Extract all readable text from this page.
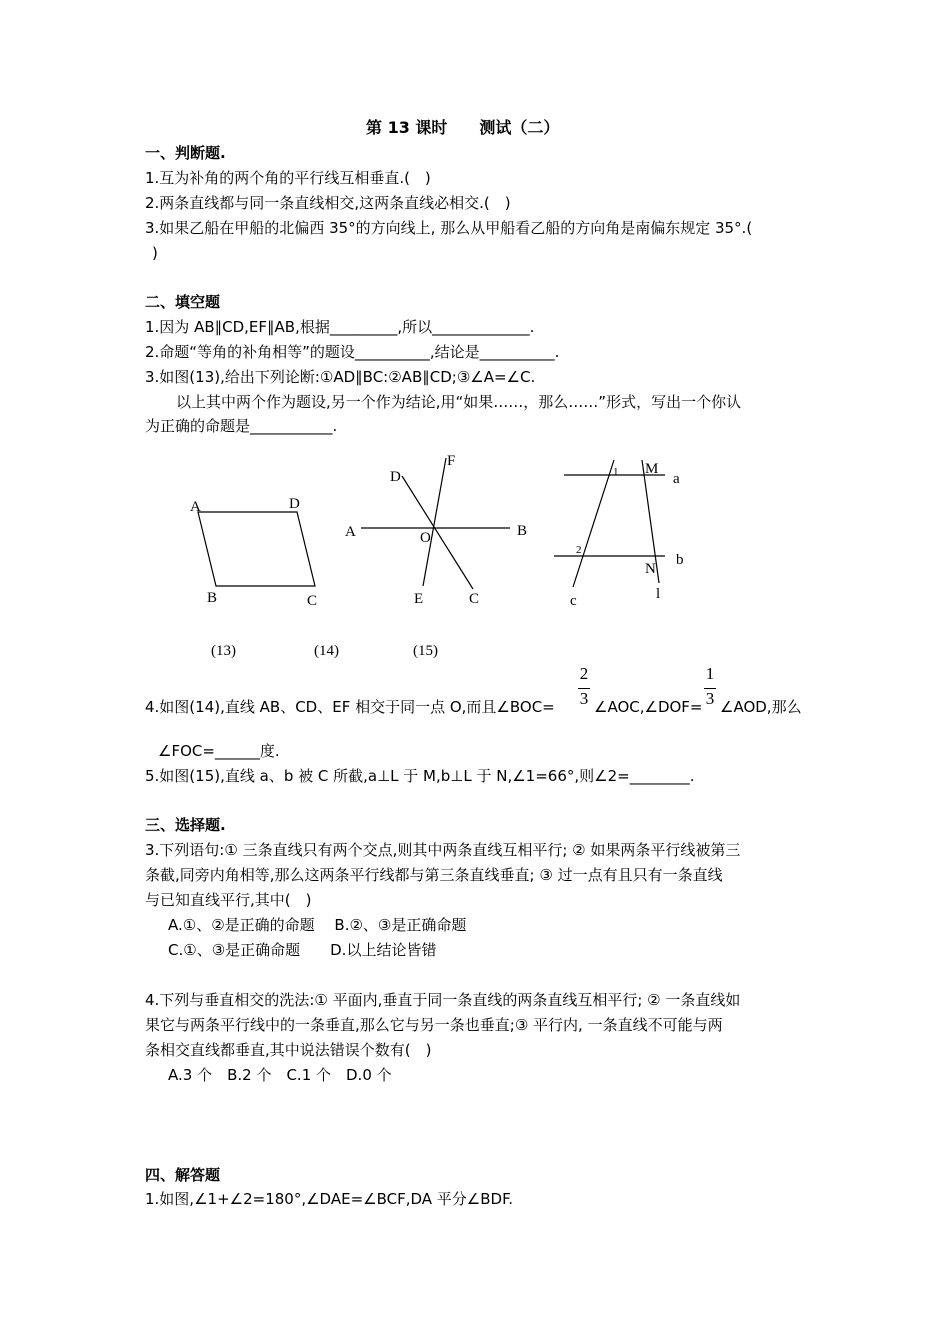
第 13 课时　　测试（二）
一、判断题.
1.互为补角的两个角的平行线互相垂直.(　)
2.两条直线都与同一条直线相交,这两条直线必相交.(　)
3.如果乙船在甲船的北偏西 35°的方向线上, 那么从甲船看乙船的方向角是南偏东规定 35°.(
)
二、填空题
1.因为 AB∥CD,EF∥AB,根据_________,所以_____________.
2.命题“等角的补角相等”的题设__________,结论是__________.
3.如图(13),给出下列论断:①AD∥BC:②AB∥CD;③∠A=∠C.
以上其中两个作为题设,另一个作为结论,用“如果……，那么……”形式，写出一个你认
为正确的命题是___________.
A	D
B	C
A	B
D
F
O
E	C
1
2
M
N
a
b
c	l
(13)	(14)	(15)
4.如图(14),直线 AB、CD、EF 相交于同一点 O,而且∠BOC=
2
3 ∠AOC,∠DOF=
1
3 ∠AOD,那么
∠FOC=______度.
5.如图(15),直线 a、b 被 C 所截,a⊥L 于 M,b⊥L 于 N,∠1=66°,则∠2=________.
三、选择题.
3.下列语句:① 三条直线只有两个交点,则其中两条直线互相平行; ② 如果两条平行线被第三
条截,同旁内角相等,那么这两条平行线都与第三条直线垂直; ③ 过一点有且只有一条直线
与已知直线平行,其中(　)
A.①、②是正确的命题　 B.②、③是正确命题
C.①、③是正确命题　　D.以上结论皆错
4.下列与垂直相交的洗法:① 平面内,垂直于同一条直线的两条直线互相平行; ② 一条直线如
果它与两条平行线中的一条垂直,那么它与另一条也垂直;③ 平行内, 一条直线不可能与两
条相交直线都垂直,其中说法错误个数有(　)
A.3 个　B.2 个　C.1 个　D.0 个
四、解答题
1.如图,∠1+∠2=180°,∠DAE=∠BCF,DA 平分∠BDF.
